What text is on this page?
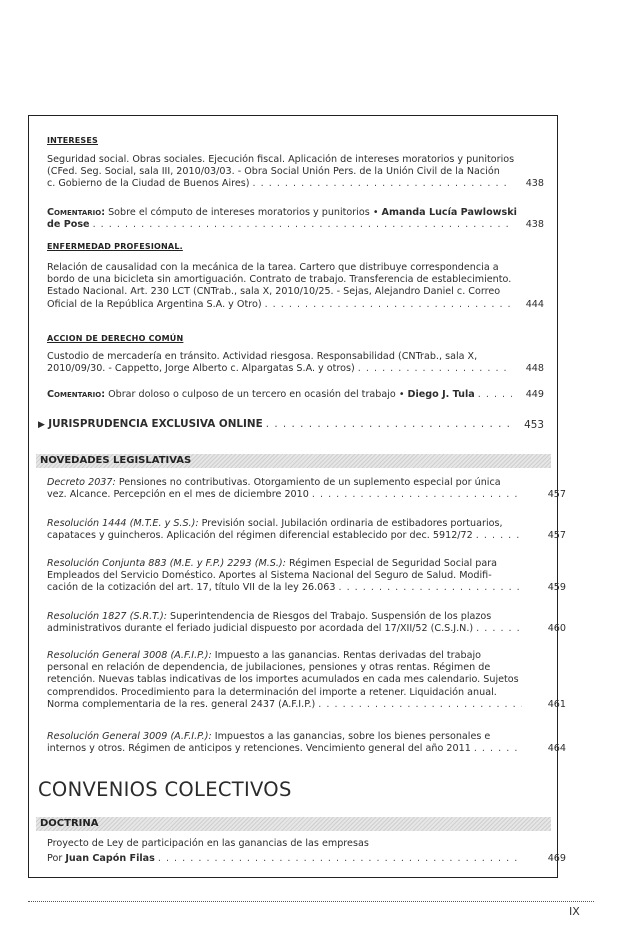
INTERESES
Seguridad social. Obras sociales. Ejecución fiscal. Aplicación de intereses moratorios y punitorios
(CFed. Seg. Social, sala III, 2010/03/03. - Obra Social Unión Pers. de la Unión Civil de la Nación
c. Gobierno de la Ciudad de Buenos Aires) . . .	438
Comentario: Sobre el cómputo de intereses moratorios y punitorios • Amanda Lucía Pawlowski
de Pose . . .	438
ENFERMEDAD PROFESIONAL.
Relación de causalidad con la mecánica de la tarea. Cartero que distribuye correspondencia a
bordo de una bicicleta sin amortiguación. Contrato de trabajo. Transferencia de establecimiento.
Estado Nacional. Art. 230 LCT (CNTrab., sala X, 2010/10/25. - Sejas, Alejandro Daniel c. Correo
Oficial de la República Argentina S.A. y Otro) . . .	444
ACCION DE DERECHO COMÚN
Custodio de mercadería en tránsito. Actividad riesgosa. Responsabilidad (CNTrab., sala X,
2010/09/30. - Cappetto, Jorge Alberto c. Alpargatas S.A. y otros) . . .	448
Comentario:
Obrar doloso o culposo de un tercero en ocasión del trabajo •
Diego J. Tula . . .	449
▶
JURISPRUDENCIA EXCLUSIVA ONLINE . . .	453
NOVEDADES LEGISLATIVAS
Decreto 2037: Pensiones no contributivas. Otorgamiento de un suplemento especial por única
vez. Alcance. Percepción en el mes de diciembre 2010 . . .	457
Resolución 1444 (M.T.E. y S.S.): Previsión social. Jubilación ordinaria de estibadores portuarios,
capataces y guincheros. Aplicación del régimen diferencial establecido por dec. 5912/72 . . .	457
Resolución Conjunta 883 (M.E. y F.P.) 2293 (M.S.): Régimen Especial de Seguridad Social para
Empleados del Servicio Doméstico. Aportes al Sistema Nacional del Seguro de Salud. Modifi-
cación de la cotización del art. 17, título VII de la ley 26.063 . . .	459
Resolución 1827 (S.R.T.): Superintendencia de Riesgos del Trabajo. Suspensión de los plazos
administrativos durante el feriado judicial dispuesto por acordada del 17/XII/52 (C.S.J.N.) . . .	460
Resolución General 3008 (A.F.I.P.): Impuesto a las ganancias. Rentas derivadas del trabajo
personal en relación de dependencia, de jubilaciones, pensiones y otras rentas. Régimen de
retención. Nuevas tablas indicativas de los importes acumulados en cada mes calendario. Sujetos
comprendidos. Procedimiento para la determinación del importe a retener. Liquidación anual.
Norma complementaria de la res. general 2437 (A.F.I.P.) . . .	461
Resolución General 3009 (A.F.I.P.): Impuestos a las ganancias, sobre los bienes personales e
internos y otros. Régimen de anticipos y retenciones. Vencimiento general del año 2011 . . .	464
CONVENIOS COLECTIVOS
DOCTRINA
Proyecto de Ley de participación en las ganancias de las empresas
Por
Juan Capón Filas . . .	469
IX
